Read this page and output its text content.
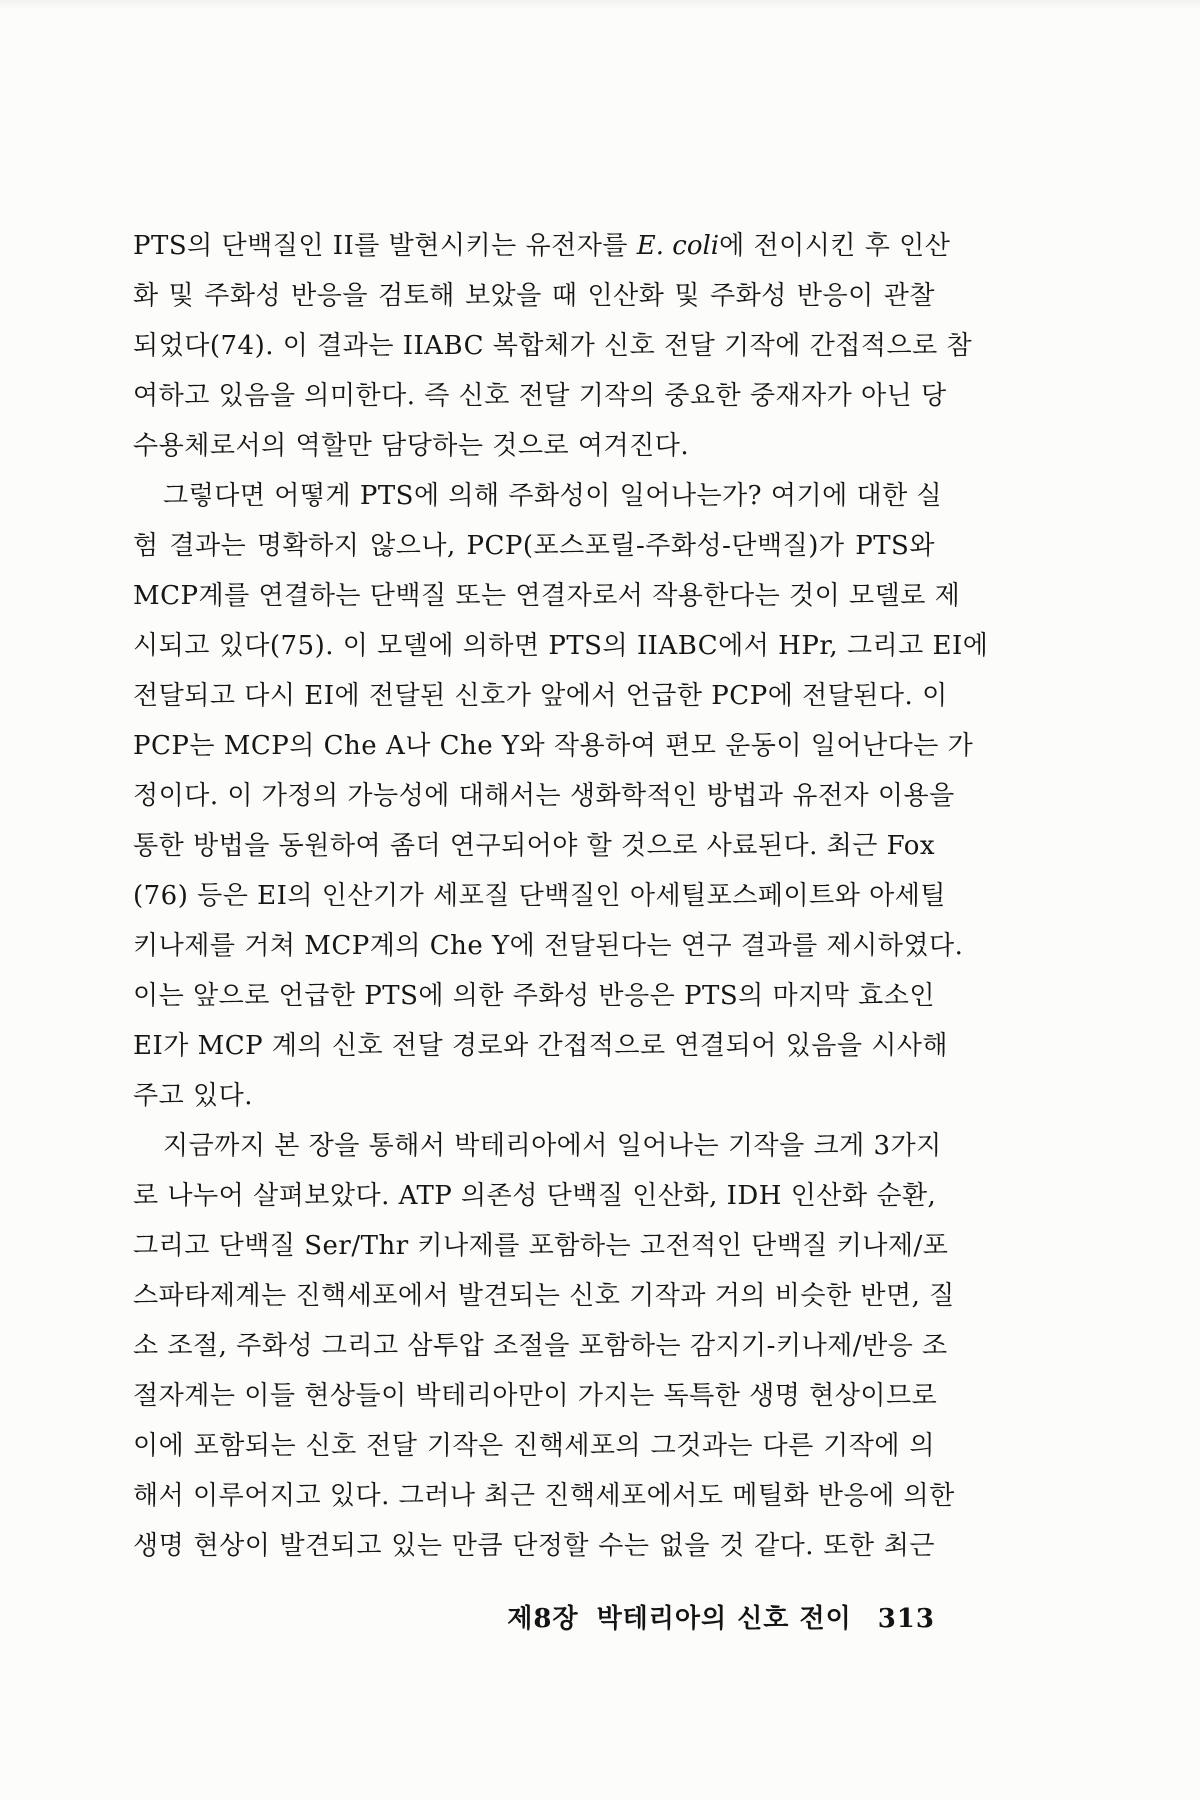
PTS의 단백질인 II를 발현시키는 유전자를 E. coli에 전이시킨 후 인산
화 및 주화성 반응을 검토해 보았을 때 인산화 및 주화성 반응이 관찰
되었다(74). 이 결과는 IIABC 복합체가 신호 전달 기작에 간접적으로 참
여하고 있음을 의미한다. 즉 신호 전달 기작의 중요한 중재자가 아닌 당
수용체로서의 역할만 담당하는 것으로 여겨진다.
그렇다면 어떻게 PTS에 의해 주화성이 일어나는가? 여기에 대한 실
험 결과는 명확하지 않으나, PCP(포스포릴-주화성-단백질)가 PTS와
MCP계를 연결하는 단백질 또는 연결자로서 작용한다는 것이 모델로 제
시되고 있다(75). 이 모델에 의하면 PTS의 IIABC에서 HPr, 그리고 EI에
전달되고 다시 EI에 전달된 신호가 앞에서 언급한 PCP에 전달된다. 이
PCP는 MCP의 Che A나 Che Y와 작용하여 편모 운동이 일어난다는 가
정이다. 이 가정의 가능성에 대해서는 생화학적인 방법과 유전자 이용을
통한 방법을 동원하여 좀더 연구되어야 할 것으로 사료된다. 최근 Fox
(76) 등은 EI의 인산기가 세포질 단백질인 아세틸포스페이트와 아세틸
키나제를 거쳐 MCP계의 Che Y에 전달된다는 연구 결과를 제시하였다.
이는 앞으로 언급한 PTS에 의한 주화성 반응은 PTS의 마지막 효소인
EI가 MCP 계의 신호 전달 경로와 간접적으로 연결되어 있음을 시사해
주고 있다.
지금까지 본 장을 통해서 박테리아에서 일어나는 기작을 크게 3가지
로 나누어 살펴보았다. ATP 의존성 단백질 인산화, IDH 인산화 순환,
그리고 단백질 Ser/Thr 키나제를 포함하는 고전적인 단백질 키나제/포
스파타제계는 진핵세포에서 발견되는 신호 기작과 거의 비슷한 반면, 질
소 조절, 주화성 그리고 삼투압 조절을 포함하는 감지기-키나제/반응 조
절자계는 이들 현상들이 박테리아만이 가지는 독특한 생명 현상이므로
이에 포함되는 신호 전달 기작은 진핵세포의 그것과는 다른 기작에 의
해서 이루어지고 있다. 그러나 최근 진핵세포에서도 메틸화 반응에 의한
생명 현상이 발견되고 있는 만큼 단정할 수는 없을 것 같다. 또한 최근
제8장 박테리아의 신호 전이 313
